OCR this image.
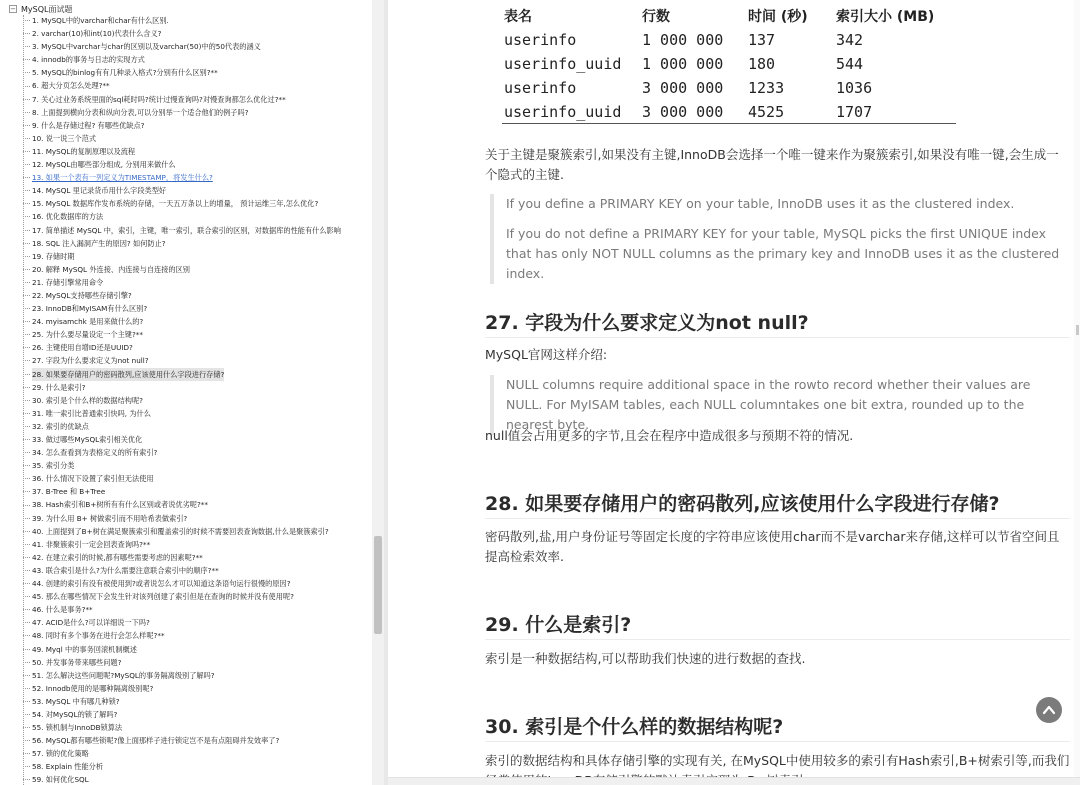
− MySQL面试题
1. MySQL中的varchar和char有什么区别.
2. varchar(10)和int(10)代表什么含义?
3. MySQL中varchar与char的区别以及varchar(50)中的50代表的涵义
4. innodb的事务与日志的实现方式
5. MySQL的binlog有有几种录入格式?分别有什么区别?**
6. 超大分页怎么处理?**
7. 关心过业务系统里面的sql耗时吗?统计过慢查询吗?对慢查询都怎么优化过?**
8. 上面提到横向分表和纵向分表,可以分别举一个适合他们的例子吗?
9. 什么是存储过程? 有哪些优缺点?
10. 说一说三个范式
11. MySQL的复制原理以及流程
12. MySQL由哪些部分组成, 分别用来做什么
13. 如果一个表有一列定义为TIMESTAMP，将发生什么?
14. MySQL 里记录货币用什么字段类型好
15. MySQL 数据库作发布系统的存储，一天五万条以上的增量， 预计运维三年,怎么优化?
16. 优化数据库的方法
17. 简单描述 MySQL 中，索引，主键，唯一索引，联合索引的区别，对数据库的性能有什么影响
18. SQL 注入漏洞产生的原因? 如何防止?
19. 存储时期
20. 解释 MySQL 外连接、内连接与自连接的区别
21. 存储引擎常用命令
22. MySQL支持哪些存储引擎?
23. InnoDB和MyISAM有什么区别?
24. myisamchk 是用来做什么的?
25. 为什么要尽量设定一个主键?**
26. 主键使用自增ID还是UUID?
27. 字段为什么要求定义为not null?
28. 如果要存储用户的密码散列,应该使用什么字段进行存储?
29. 什么是索引?
30. 索引是个什么样的数据结构呢?
31. 唯一索引比普通索引快吗, 为什么
32. 索引的优缺点
33. 做过哪些MySQL索引相关优化
34. 怎么查看到为表格定义的所有索引?
35. 索引分类
36. 什么情况下设置了索引但无法使用
37. B-Tree 和 B+Tree
38. Hash索引和B+树所有有什么区别或者说优劣呢?**
39. 为什么用 B+ 树做索引而不用哈希表做索引?
40. 上面提到了B+树在满足聚簇索引和覆盖索引的时候不需要回表查询数据,什么是聚簇索引?
41. 非聚簇索引一定会回表查询吗?**
42. 在建立索引的时候,都有哪些需要考虑的因素呢?**
43. 联合索引是什么?为什么需要注意联合索引中的顺序?**
44. 创建的索引有没有被使用到?或者说怎么才可以知道这条语句运行很慢的原因?
45. 那么在哪些情况下会发生针对该列创建了索引但是在查询的时候并没有使用呢?
46. 什么是事务?**
47. ACID是什么?可以详细说一下吗?
48. 同时有多个事务在进行会怎么样呢?**
49. Myql 中的事务回滚机制概述
50. 并发事务带来哪些问题?
51. 怎么解决这些问题呢?MySQL的事务隔离级别了解吗?
52. Innodb使用的是哪种隔离级别呢?
53. MySQL 中有哪几种锁?
54. 对MySQL的锁了解吗?
55. 锁机制与InnoDB锁算法
56. MySQL都有哪些锁呢?像上面那样子进行锁定岂不是有点阻碍并发效率了?
57. 锁的优化策略
58. Explain 性能分析
59. 如何优化SQL
表名	行数	时间 (秒)	索引大小 (MB)
userinfo	1 000 000	137	342
userinfo_uuid	1 000 000	180	544
userinfo	3 000 000	1233	1036
userinfo_uuid	3 000 000	4525	1707

关于主键是聚簇索引,如果没有主键,InnoDB会选择一个唯一键来作为聚簇索引,如果没有唯一键,会生成一个隐式的主键.

If you define a PRIMARY KEY on your table, InnoDB uses it as the clustered index.

If you do not define a PRIMARY KEY for your table, MySQL picks the first UNIQUE index that has only NOT NULL columns as the primary key and InnoDB uses it as the clustered index.

27. 字段为什么要求定义为not null?

MySQL官网这样介绍:

NULL columns require additional space in the rowto record whether their values are NULL. For MyISAM tables, each NULL columntakes one bit extra, rounded up to the nearest byte.

null值会占用更多的字节,且会在程序中造成很多与预期不符的情况.

28. 如果要存储用户的密码散列,应该使用什么字段进行存储?

密码散列,盐,用户身份证号等固定长度的字符串应该使用char而不是varchar来存储,这样可以节省空间且提高检索效率.

29. 什么是索引?

索引是一种数据结构,可以帮助我们快速的进行数据的查找.

30. 索引是个什么样的数据结构呢?

索引的数据结构和具体存储引擎的实现有关, 在MySQL中使用较多的索引有Hash索引,B+树索引等,而我们
